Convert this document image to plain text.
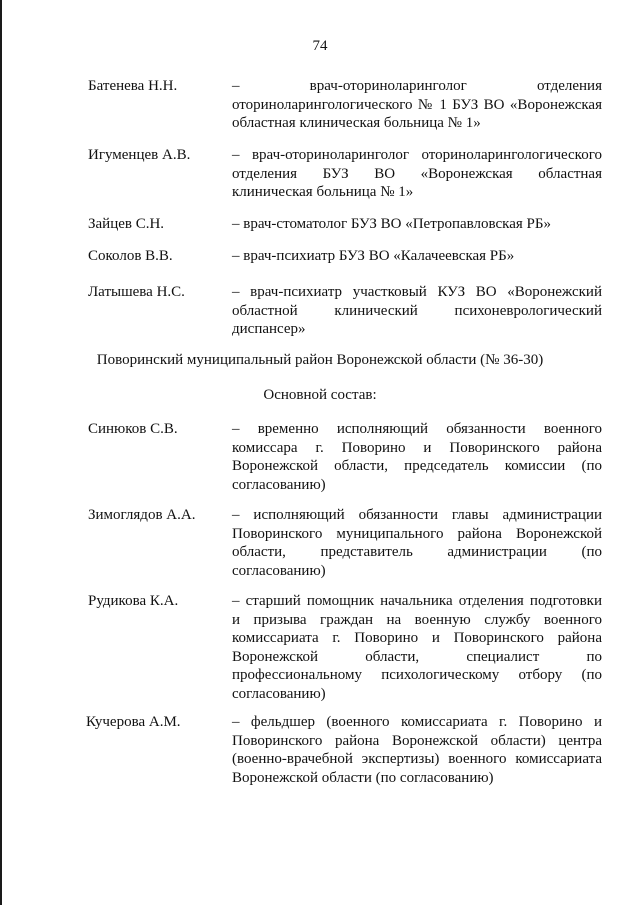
74
Батенева Н.Н.	– врач-оториноларинголог отделения
оториноларингологического № 1 БУЗ ВО «Воронежская
областная клиническая больница № 1»
Игуменцев А.В.	– врач-оториноларинголог оториноларингологического
отделения БУЗ ВО «Воронежская областная
клиническая больница № 1»
Зайцев С.Н.	– врач-стоматолог БУЗ ВО «Петропавловская РБ»
Соколов В.В.	– врач-психиатр БУЗ ВО «Калачеевская РБ»
Латышева Н.С.	– врач-психиатр участковый КУЗ ВО «Воронежский
областной клинический психоневрологический
диспансер»
Поворинский муниципальный район Воронежской области (№ 36-30)
Основной состав:
Синюков С.В.	– временно исполняющий обязанности военного
комиссара г. Поворино и Поворинского района
Воронежской области, председатель комиссии (по
согласованию)
Зимоглядов А.А. – исполняющий обязанности главы администрации
Поворинского муниципального района Воронежской
области, представитель администрации (по
согласованию)
Рудикова К.А.	– старший помощник начальника отделения подготовки
и призыва граждан на военную службу военного
комиссариата г. Поворино и Поворинского района
Воронежской области, специалист по
профессиональному психологическому отбору (по
согласованию)
Кучерова А.М.	– фельдшер (военного комиссариата г. Поворино и
Поворинского района Воронежской области) центра
(военно-врачебной экспертизы) военного комиссариата
Воронежской области (по согласованию)
